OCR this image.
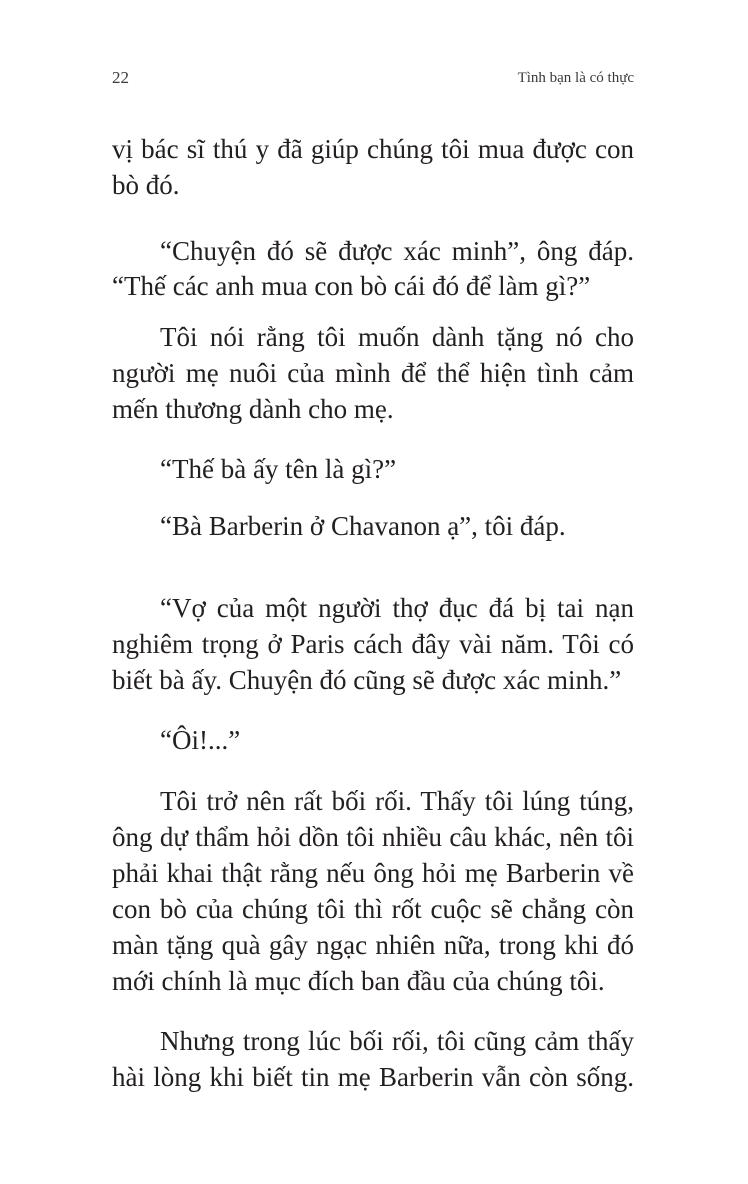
22	Tình bạn là có thực
vị bác sĩ thú y đã giúp chúng tôi mua được con
bò đó.
“Chuyện đó sẽ được xác minh”, ông đáp.
“Thế các anh mua con bò cái đó để làm gì?”
Tôi nói rằng tôi muốn dành tặng nó cho
người mẹ nuôi của mình để thể hiện tình cảm
mến thương dành cho mẹ.
“Thế bà ấy tên là gì?”
“Bà Barberin ở Chavanon ạ”, tôi đáp.
“Vợ của một người thợ đục đá bị tai nạn
nghiêm trọng ở Paris cách đây vài năm. Tôi có
biết bà ấy. Chuyện đó cũng sẽ được xác minh.”
“Ôi!...”
Tôi trở nên rất bối rối. Thấy tôi lúng túng,
ông dự thẩm hỏi dồn tôi nhiều câu khác, nên tôi
phải khai thật rằng nếu ông hỏi mẹ Barberin về
con bò của chúng tôi thì rốt cuộc sẽ chẳng còn
màn tặng quà gây ngạc nhiên nữa, trong khi đó
mới chính là mục đích ban đầu của chúng tôi.
Nhưng trong lúc bối rối, tôi cũng cảm thấy
hài lòng khi biết tin mẹ Barberin vẫn còn sống.
